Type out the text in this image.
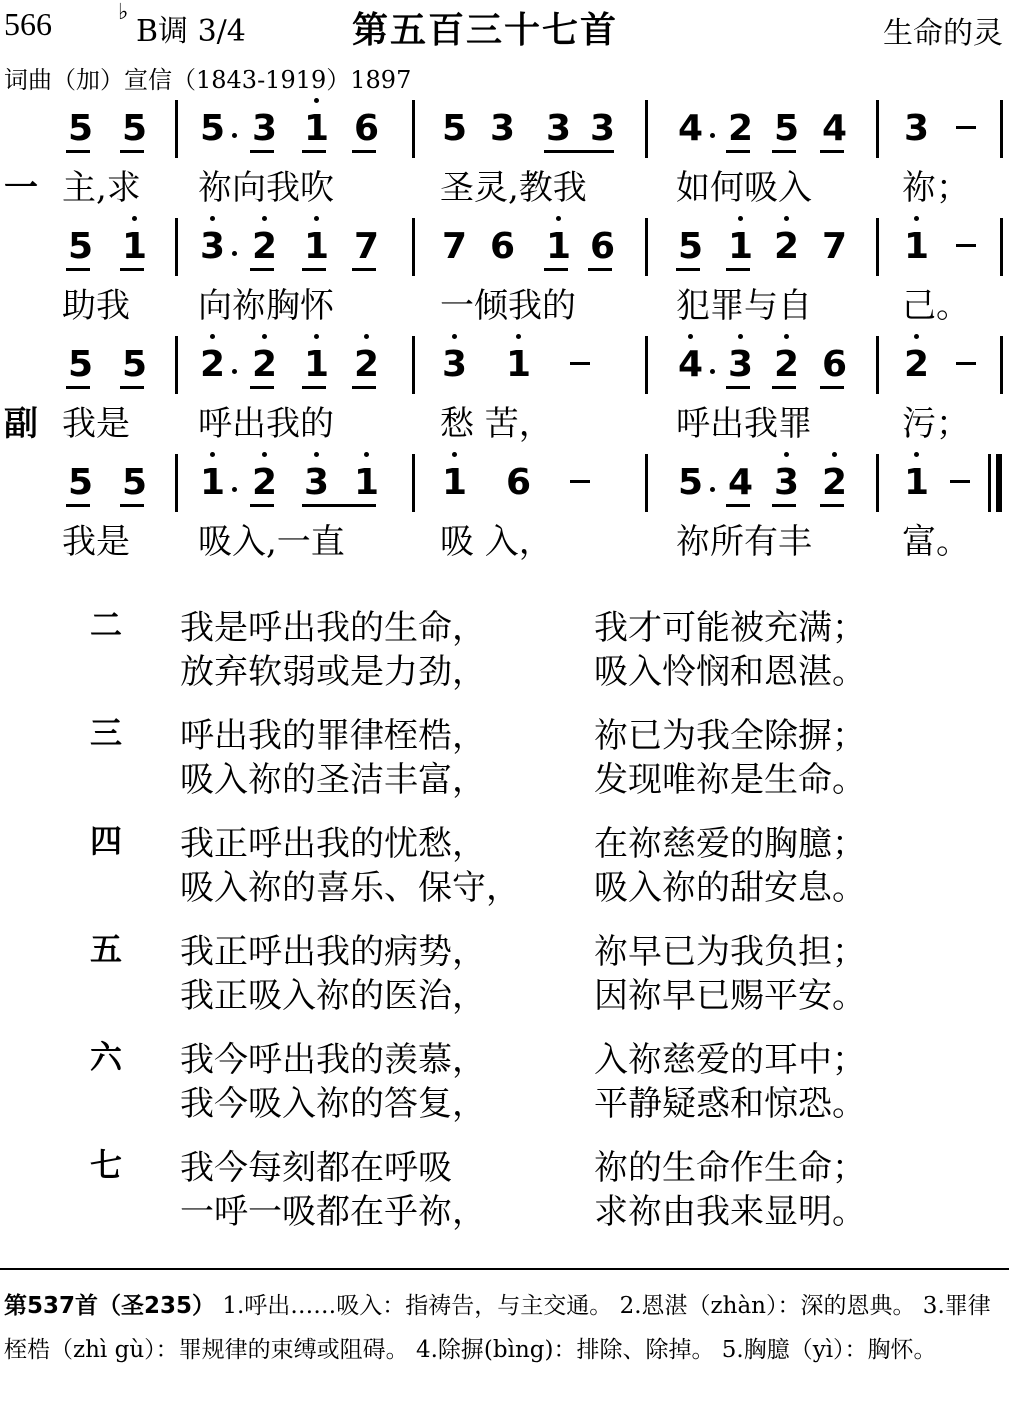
566	♭
B调 3/4	第五百三十七首	生命的灵
词曲（加）宣信（1843-1919）1897
5 5 5 3 1 6 5 3 3 3 4 2 5 4 3
一 主,求 祢向我吹	圣灵,教我	如何吸入	祢；
5 1 3 2 1 7 7 6 1 6 5 1 2 7 1
助我 向祢胸怀	一倾我的	犯罪与自	己。
5 5 2 2 1 2 3 1	4 3 2 6 2
副 我是 呼出我的	愁 苦，	呼出我罪	污；
5 5 1 2 3 1 1 6	5 4 3 2 1
我是 吸入,一直	吸 入，	祢所有丰	富。
二 我是呼出我的生命，	我才可能被充满；
放弃软弱或是力劲，	吸入怜悯和恩湛。
三 呼出我的罪律桎梏，	祢已为我全除摒；
吸入祢的圣洁丰富，	发现唯祢是生命。
四 我正呼出我的忧愁，	在祢慈爱的胸臆；
吸入祢的喜乐、保守， 吸入祢的甜安息。
五 我正呼出我的病势，	祢早已为我负担；
我正吸入祢的医治，	因祢早已赐平安。
六 我今呼出我的羡慕，	入祢慈爱的耳中；
我今吸入祢的答复，	平静疑惑和惊恐。
七 我今每刻都在呼吸	祢的生命作生命；
一呼一吸都在乎祢，	求祢由我来显明。
第537首（圣235） 1.呼出……吸入：指祷告，与主交通。 2.恩湛（zhàn）：深的恩典。 3.罪律桎梏（zhì gù）：罪规律的束缚或阻碍。 4.除摒(bìng)：排除、除掉。 5.胸臆（yì）：胸怀。
